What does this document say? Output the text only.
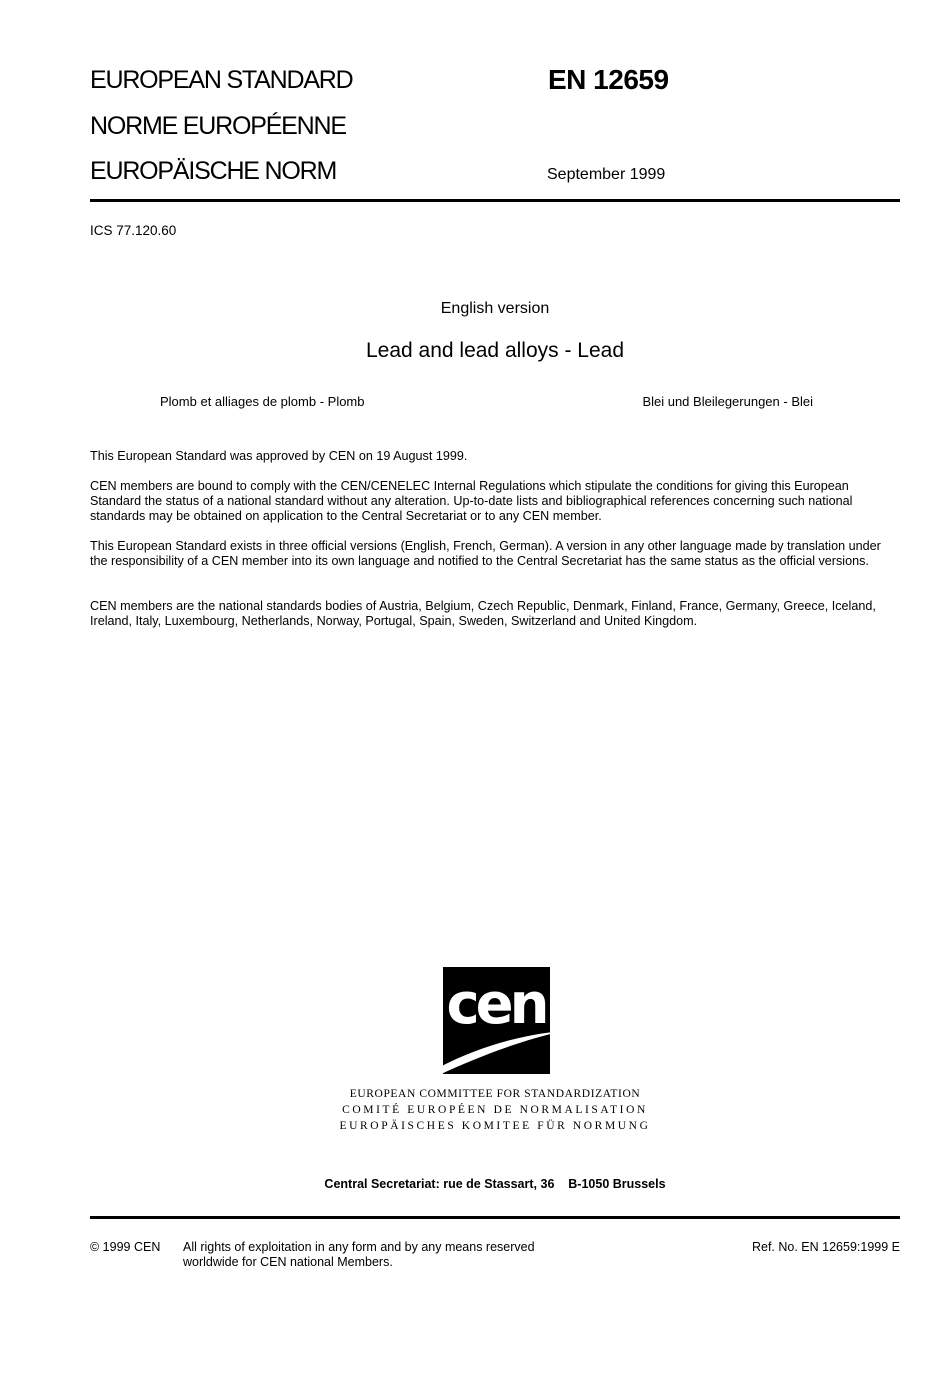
EUROPEAN STANDARD
NORME EUROPÉENNE
EUROPÄISCHE NORM
EN 12659
September 1999
ICS 77.120.60
English version
Lead and lead alloys - Lead
Plomb et alliages de plomb - Plomb	Blei und Bleilegerungen - Blei
This European Standard was approved by CEN on 19 August 1999.
CEN members are bound to comply with the CEN/CENELEC Internal Regulations which stipulate the conditions for giving this European Standard the status of a national standard without any alteration. Up-to-date lists and bibliographical references concerning such national standards may be obtained on application to the Central Secretariat or to any CEN member.
This European Standard exists in three official versions (English, French, German). A version in any other language made by translation under the responsibility of a CEN member into its own language and notified to the Central Secretariat has the same status as the official versions.
CEN members are the national standards bodies of Austria, Belgium, Czech Republic, Denmark, Finland, France, Germany, Greece, Iceland, Ireland, Italy, Luxembourg, Netherlands, Norway, Portugal, Spain, Sweden, Switzerland and United Kingdom.
cen
EUROPEAN COMMITTEE FOR STANDARDIZATION
COMITÉ EUROPÉEN DE NORMALISATION
EUROPÄISCHES KOMITEE FÜR NORMUNG
Central Secretariat: rue de Stassart, 36    B-1050 Brussels
© 1999 CEN All rights of exploitation in any form and by any means reserved
worldwide for CEN national Members.
Ref. No. EN 12659:1999 E
